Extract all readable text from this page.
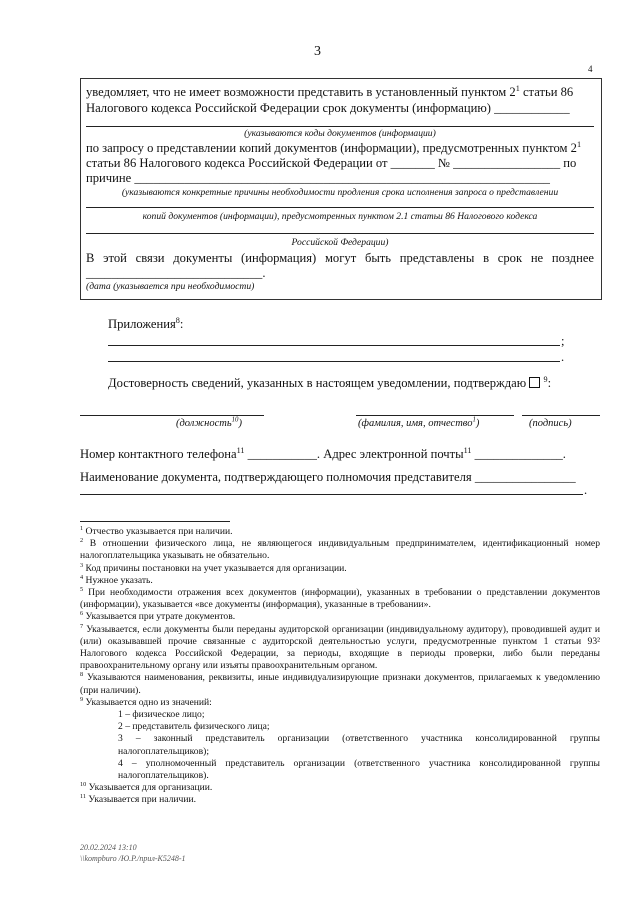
3
4
уведомляет, что не имеет возможности представить в установленный пунктом $2^1$ статьи 86
Налогового кодекса Российской Федерации срок документы (информацию) ____________
(указываются коды документов (информации)
по запросу о представлении копий документов (информации), предусмотренных пунктом $2^1$
статьи 86 Налогового кодекса Российской Федерации от _______ № _________________ по
причине __________________________________________________________________
(указываются конкретные причины необходимости продления срока исполнения запроса о представлении
копий документов (информации), предусмотренных пунктом 2.1 статьи 86 Налогового кодекса
Российской Федерации)
В этой связи документы (информация) могут быть представлены в срок не позднее
____________________________.
(дата (указывается при необходимости)
Приложения$^8$:
;
.
Достоверность сведений, указанных в настоящем уведомлении, подтверждаю $^9$:
(должность$^{10}$)	(фамилия, имя, отчество$^1$)	(подпись)
Номер контактного телефона$^{11}$ ___________. Адрес электронной почты$^{11}$ ______________.
Наименование документа, подтверждающего полномочия представителя ________________
.

$^1$ Отчество указывается при наличии.

$^2$ В отношении физического лица, не являющегося индивидуальным предпринимателем, идентификационный номер налогоплательщика указывать не обязательно.

$^3$ Код причины постановки на учет указывается для организации.

$^4$ Нужное указать.

$^5$ При необходимости отражения всех документов (информации), указанных в требовании о представлении документов (информации), указывается «все документы (информация), указанные в требовании».

$^6$ Указывается при утрате документов.

$^7$ Указывается, если документы были переданы аудиторской организации (индивидуальному аудитору), проводившей аудит и (или) оказывавшей прочие связанные с аудиторской деятельностью услуги, предусмотренные пунктом 1 статьи 93² Налогового кодекса Российской Федерации, за периоды, входящие в периоды проверки, либо были переданы правоохранительному органу или изъяты правоохранительным органом.

$^8$ Указываются наименования, реквизиты, иные индивидуализирующие признаки документов, прилагаемых к уведомлению (при наличии).

$^9$ Указывается одно из значений:

1 – физическое лицо;

2 – представитель физического лица;

3 – законный представитель организации (ответственного участника консолидированной группы налогоплательщиков);

4 – уполномоченный представитель организации (ответственного участника консолидированной группы налогоплательщиков).

$^{10}$ Указывается для организации.

$^{11}$ Указывается при наличии.

20.02.2024 13:10
\\kompburo /Ю.Р./прил-К5248-1
